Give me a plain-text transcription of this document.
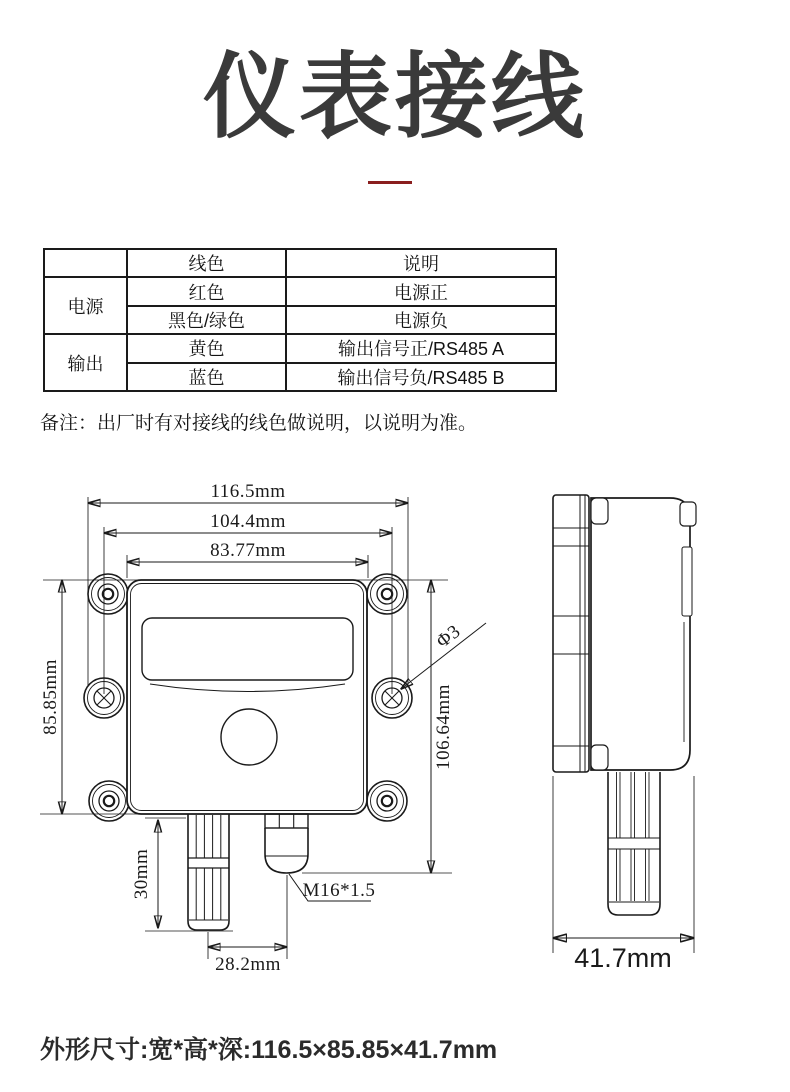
仪表接线
	线色	说明
电源	红色	电源正
	黑色/绿色	电源负
输出	黄色	输出信号正/RS485 A
	蓝色	输出信号负/RS485 B

备注：出厂时有对接线的线色做说明，以说明为准。

116.5mm
104.4mm
83.77mm
85.85mm	106.64mm
Φ3
30mm
28.2mm
M16*1.5
41.7mm

外形尺寸:宽*高*深:116.5×85.85×41.7mm
